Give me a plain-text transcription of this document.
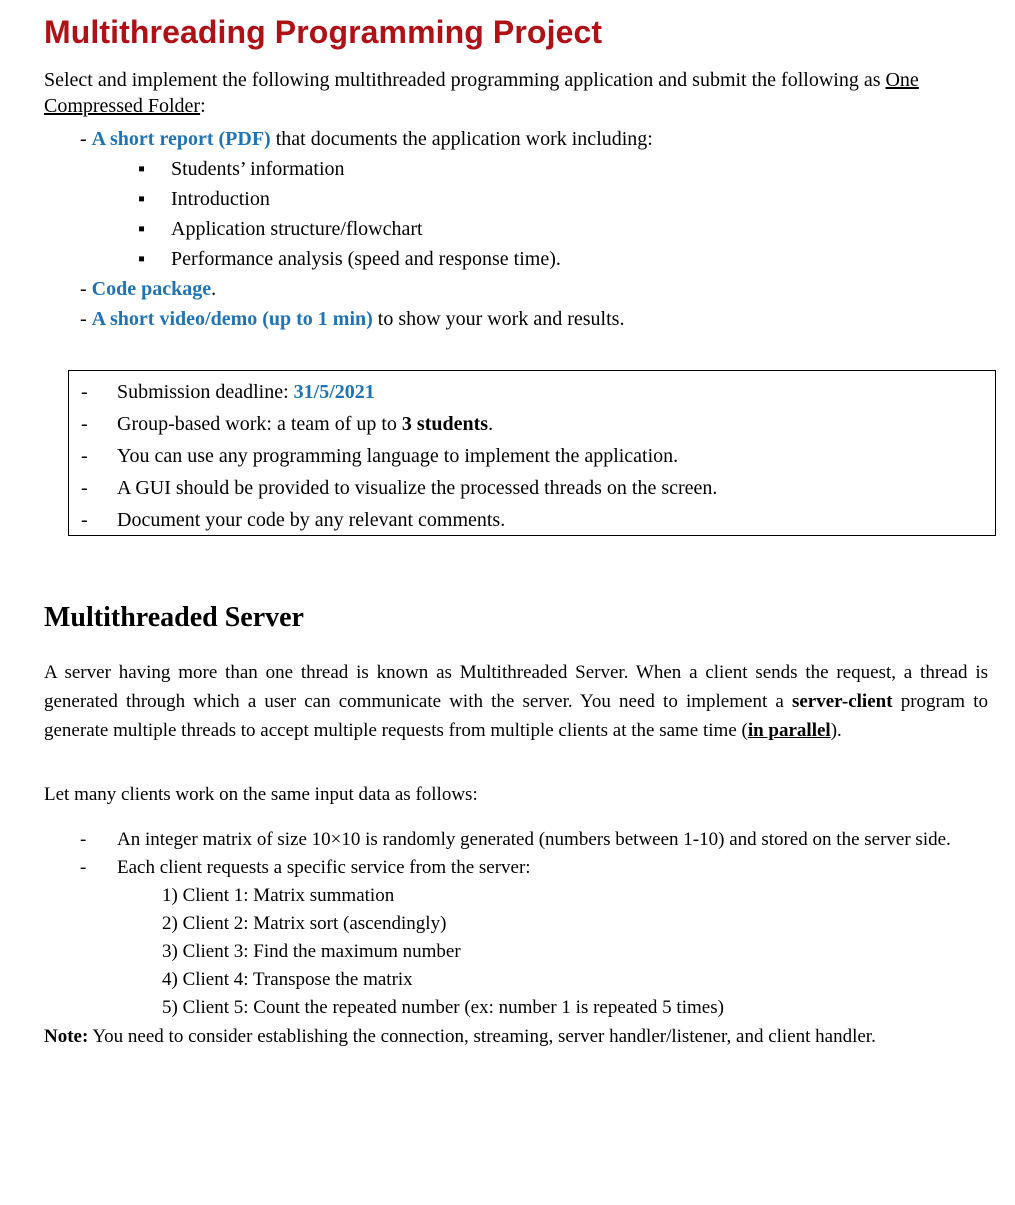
Multithreading Programming Project
Select and implement the following multithreaded programming application and submit the following as One Compressed Folder:
- A short report (PDF) that documents the application work including:
▪ Students’ information
▪ Introduction
▪ Application structure/flowchart
▪ Performance analysis (speed and response time).
- Code package.
- A short video/demo (up to 1 min) to show your work and results.
- Submission deadline: 31/5/2021
- Group-based work: a team of up to 3 students.
- You can use any programming language to implement the application.
- A GUI should be provided to visualize the processed threads on the screen.
- Document your code by any relevant comments.
Multithreaded Server

A server having more than one thread is known as Multithreaded Server. When a client sends the request, a thread is generated through which a user can communicate with the server. You need to implement a server-client program to generate multiple threads to accept multiple requests from multiple clients at the same time (in parallel).

Let many clients work on the same input data as follows:

- An integer matrix of size 10×10 is randomly generated (numbers between 1-10) and stored on the server side.
- Each client requests a specific service from the server:
1) Client 1: Matrix summation
2) Client 2: Matrix sort (ascendingly)
3) Client 3: Find the maximum number
4) Client 4: Transpose the matrix
5) Client 5: Count the repeated number (ex: number 1 is repeated 5 times)

Note: You need to consider establishing the connection, streaming, server handler/listener, and client handler.
